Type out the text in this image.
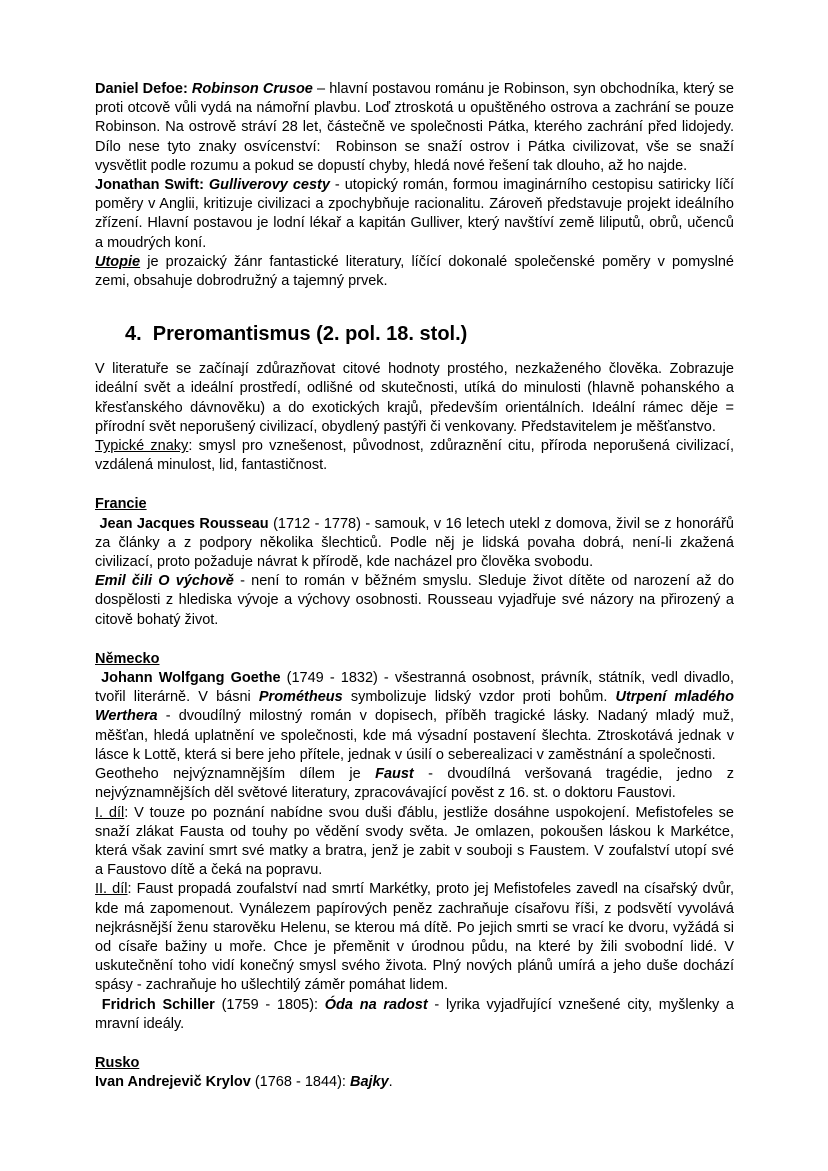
Daniel Defoe: Robinson Crusoe – hlavní postavou románu je Robinson, syn obchodníka, který se proti otcově vůli vydá na námořní plavbu. Loď ztroskotá u opuštěného ostrova a zachrání se pouze Robinson. Na ostrově stráví 28 let, částečně ve společnosti Pátka, kterého zachrání před lidojedy. Dílo nese tyto znaky osvícenství:  Robinson se snaží ostrov i Pátka civilizovat, vše se snaží vysvětlit podle rozumu a pokud se dopustí chyby, hledá nové řešení tak dlouho, až ho najde.
Jonathan Swift: Gulliverovy cesty - utopický román, formou imaginárního cestopisu satiricky líčí poměry v Anglii, kritizuje civilizaci a zpochybňuje racionalitu. Zároveň představuje projekt ideálního zřízení. Hlavní postavou je lodní lékař a kapitán Gulliver, který navštíví země liliputů, obrů, učenců a moudrých koní.
Utopie je prozaický žánr fantastické literatury, líčící dokonalé společenské poměry v pomyslné zemi, obsahuje dobrodružný a tajemný prvek.
4.  Preromantismus (2. pol. 18. stol.)
V literatuře se začínají zdůrazňovat citové hodnoty prostého, nezkaženého člověka. Zobrazuje ideální svět a ideální prostředí, odlišné od skutečnosti, utíká do minulosti (hlavně pohanského a křesťanského dávnověku) a do exotických krajů, především orientálních. Ideální rámec děje = přírodní svět neporušený civilizací, obydlený pastýři či venkovany. Představitelem je měšťanstvo.
Typické znaky: smysl pro vznešenost, původnost, zdůraznění citu, příroda neporušená civilizací, vzdálená minulost, lid, fantastičnost.
Francie
Jean Jacques Rousseau (1712 - 1778) - samouk, v 16 letech utekl z domova, živil se z honorářů za články a z podpory několika šlechticů. Podle něj je lidská povaha dobrá, není-li zkažená civilizací, proto požaduje návrat k přírodě, kde nacházel pro člověka svobodu.
Emil čili O výchově - není to román v běžném smyslu. Sleduje život dítěte od narození až do dospělosti z hlediska vývoje a výchovy osobnosti. Rousseau vyjadřuje své názory na přirozený a citově bohatý život.
Německo
Johann Wolfgang Goethe (1749 - 1832) - všestranná osobnost, právník, státník, vedl divadlo, tvořil literárně. V básni Prométheus symbolizuje lidský vzdor proti bohům. Utrpení mladého Werthera - dvoudílný milostný román v dopisech, příběh tragické lásky. Nadaný mladý muž, měšťan, hledá uplatnění ve společnosti, kde má výsadní postavení šlechta. Ztroskotává jednak v lásce k Lottě, která si bere jeho přítele, jednak v úsilí o seberealizaci v zaměstnání a společnosti.
Geotheho nejvýznamnějším dílem je Faust - dvoudílná veršovaná tragédie, jedno z nejvýznamnějších děl světové literatury, zpracovávající pověst z 16. st. o doktoru Faustovi.
I. díl: V touze po poznání nabídne svou duši ďáblu, jestliže dosáhne uspokojení. Mefistofeles se snaží zlákat Fausta od touhy po vědění svody světa. Je omlazen, pokoušen láskou k Markétce, která však zaviní smrt své matky a bratra, jenž je zabit v souboji s Faustem. V zoufalství utopí své a Faustovo dítě a čeká na popravu.
II. díl: Faust propadá zoufalství nad smrtí Markétky, proto jej Mefistofeles zavedl na císařský dvůr, kde má zapomenout. Vynálezem papírových peněz zachraňuje císařovu říši, z podsvětí vyvolává nejkrásnější ženu starověku Helenu, se kterou má dítě. Po jejich smrti se vrací ke dvoru, vyžádá si od císaře bažiny u moře. Chce je přeměnit v úrodnou půdu, na které by žili svobodní lidé. V uskutečnění toho vidí konečný smysl svého života. Plný nových plánů umírá a jeho duše dochází spásy - zachraňuje ho ušlechtilý záměr pomáhat lidem.
Fridrich Schiller (1759 - 1805): Óda na radost - lyrika vyjadřující vznešené city, myšlenky a mravní ideály.
Rusko
Ivan Andrejevič Krylov (1768 - 1844): Bajky.
